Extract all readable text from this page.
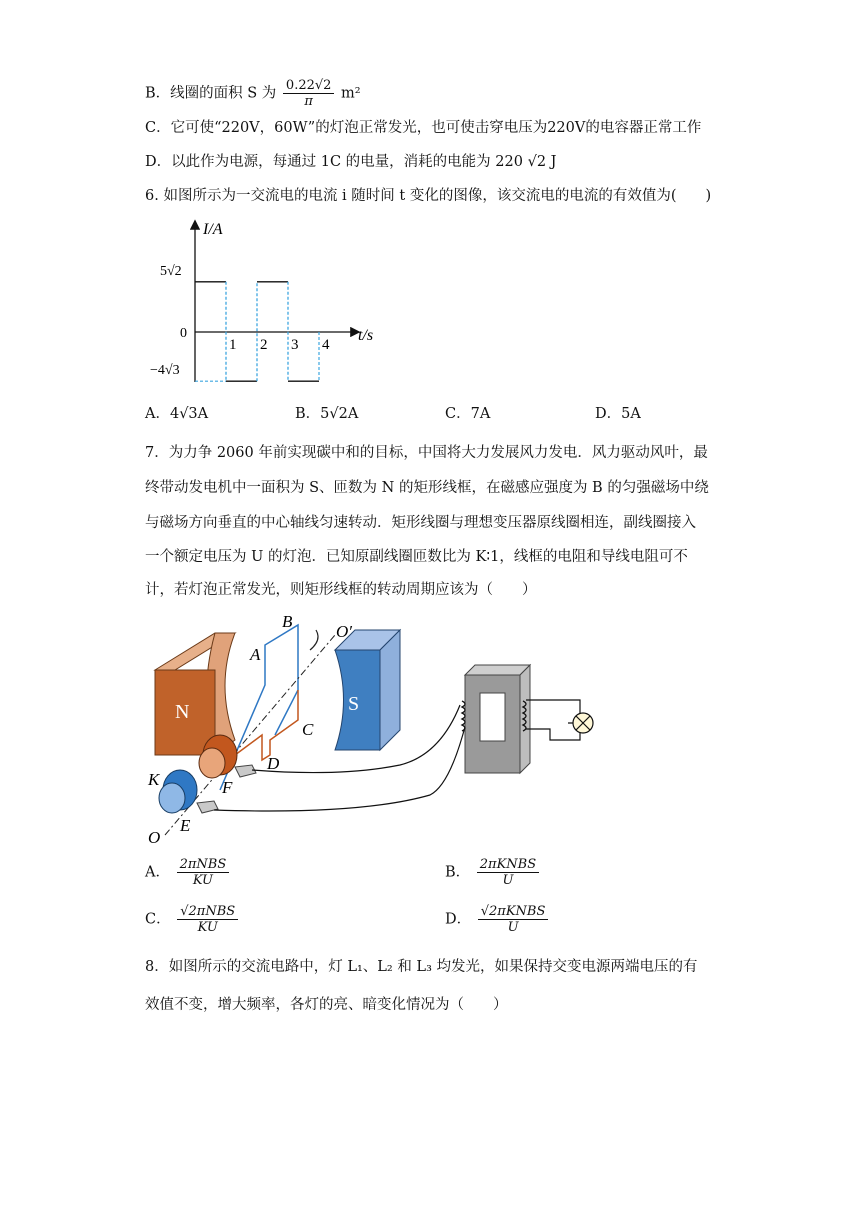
B．线圈的面积 S 为 $\frac{0.22√2}{\pi} m^2$
C．它可使“220V，60W”的灯泡正常发光，也可使击穿电压为220V的电容器正常工作
D．以此作为电源，每通过 1C 的电量，消耗的电能为 220 √2 J
6. 如图所示为一交流电的电流 i 随时间 t 变化的图像，该交流电的电流的有效值为(　　)
I/A
t/s
5√2
0
−4√3
1 2 3 4
A．4√3A	B．5√2A	C．7A	D．5A
7．为力争 2060 年前实现碳中和的目标，中国将大力发展风力发电．风力驱动风叶，最
终带动发电机中一面积为 S、匝数为 N 的矩形线框，在磁感应强度为 B 的匀强磁场中绕
与磁场方向垂直的中心轴线匀速转动．矩形线圈与理想变压器原线圈相连，副线圈接入
一个额定电压为 U 的灯泡．已知原副线圈匝数比为 K∶1，线框的电阻和导线电阻可不
计，若灯泡正常发光，则矩形线框的转动周期应该为（　　）
N	S
A
B
C
D
E
F
K
O
O′
A． $\frac{\text{2πNBS}}{KU}$	B． $\frac{\text{2πKNBS}}{U}$
C． $\frac{\text{√2πNBS}}{KU}$	D． $\frac{\text{√2πKNBS}}{U}$
8．如图所示的交流电路中，灯 L₁、L₂ 和 L₃ 均发光，如果保持交变电源两端电压的有
效值不变，增大频率，各灯的亮、暗变化情况为（　　）
